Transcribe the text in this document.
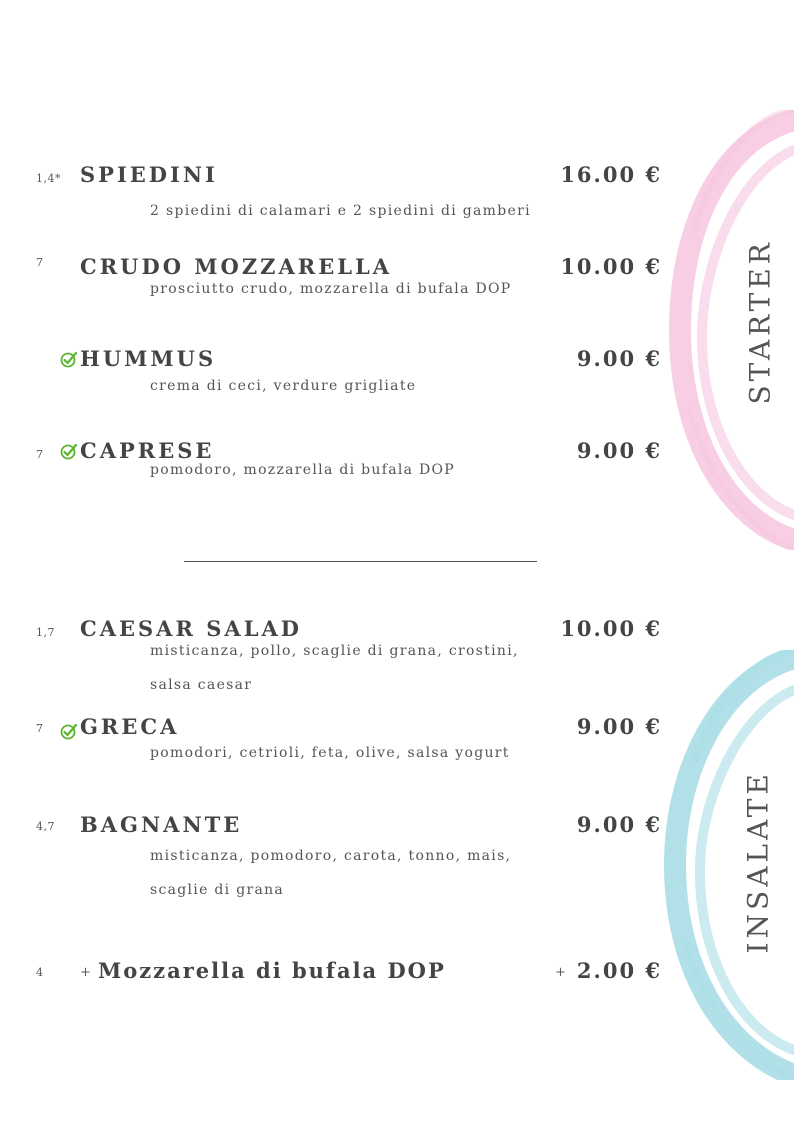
STARTER
INSALATE
1,4* SPIEDINI	16.00 €
2 spiedini di calamari e 2 spiedini di gamberi
7 CRUDO MOZZARELLA	10.00 €
prosciutto crudo, mozzarella di bufala DOP
HUMMUS	9.00 €
crema di ceci, verdure grigliate
7 CAPRESE	9.00 €
pomodoro, mozzarella di bufala DOP
1,7 CAESAR SALAD	10.00 €
misticanza, pollo, scaglie di grana, crostini,
salsa caesar
7 GRECA	9.00 €
pomodori, cetrioli, feta, olive, salsa yogurt
4,7 BAGNANTE	9.00 €
misticanza, pomodoro, carota, tonno, mais,
scaglie di grana
4	+ Mozzarella di bufala DOP	+ 2.00 €
